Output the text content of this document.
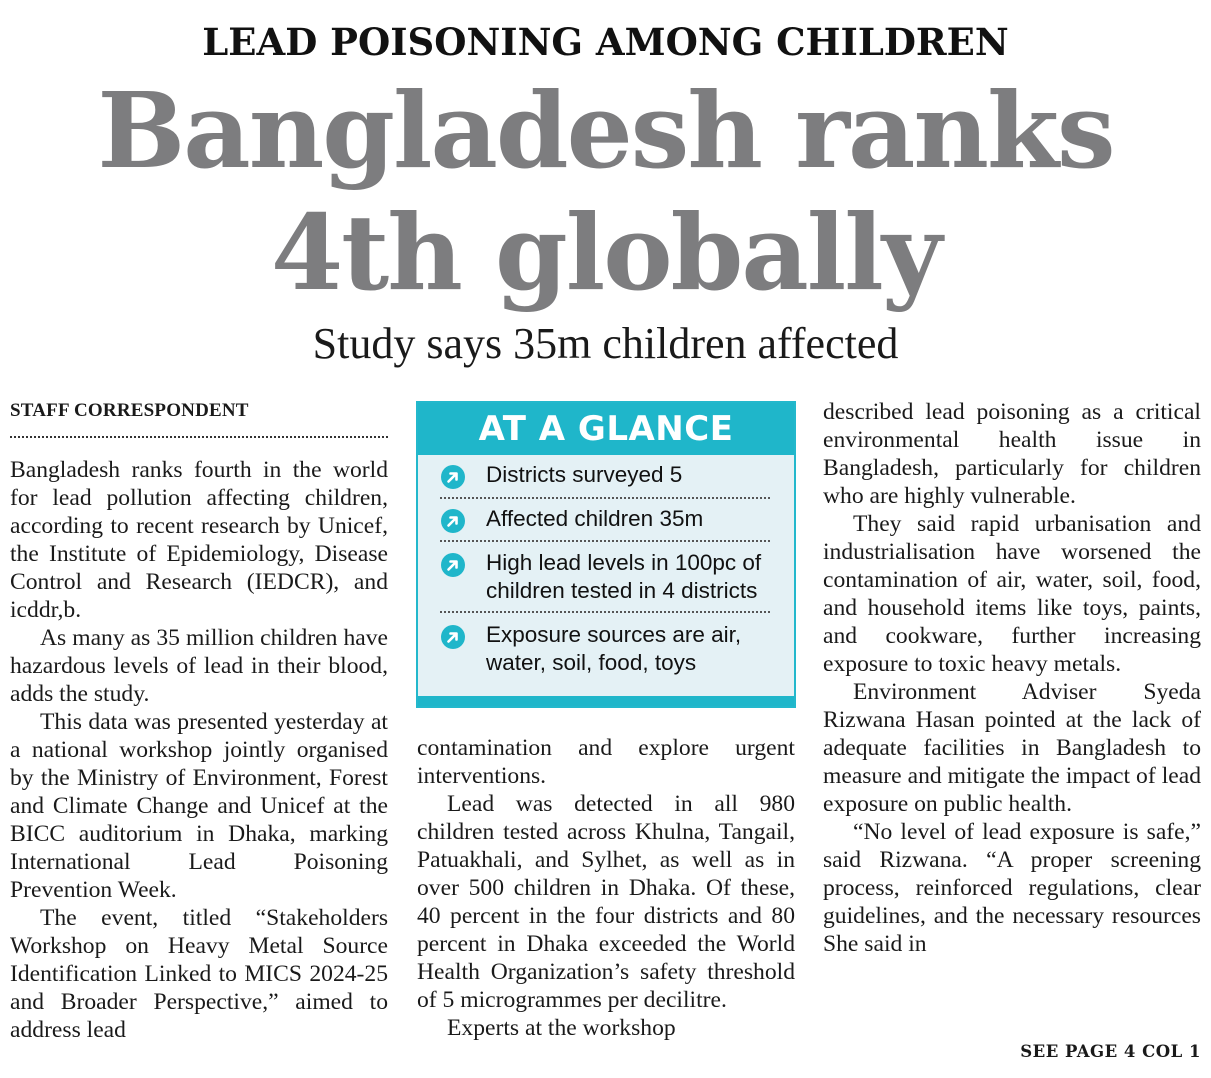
LEAD POISONING AMONG CHILDREN
Bangladesh ranks
4th globally
Study says 35m children affected
STAFF CORRESPONDENT

Bangladesh ranks fourth in the world for lead pollution affecting children, according to recent research by Unicef, the Institute of Epidemiology, Disease Control and Research (IEDCR), and icddr,b.

As many as 35 million children have hazardous levels of lead in their blood, adds the study.

This data was presented yesterday at a national workshop jointly organised by the Ministry of Environment, Forest and Climate Change and Unicef at the BICC auditorium in Dhaka, marking International Lead Poisoning Prevention Week.

The event, titled “Stakeholders Workshop on Heavy Metal Source Identification Linked to MICS 2024-25 and Broader Perspective,” aimed to address lead

AT A GLANCE
Districts surveyed 5
Affected children 35m
High lead levels in 100pc of children tested in 4 districts
Exposure sources are air, water, soil, food, toys

contamination and explore urgent interventions.

Lead was detected in all 980 children tested across Khulna, Tangail, Patuakhali, and Sylhet, as well as in over 500 children in Dhaka. Of these, 40 percent in the four districts and 80 percent in Dhaka exceeded the World Health Organization’s safety threshold of 5 microgrammes per decilitre.

Experts at the workshop

described lead poisoning as a critical environmental health issue in Bangladesh, particularly for children who are highly vulnerable.

They said rapid urbanisation and industrialisation have worsened the contamination of air, water, soil, food, and household items like toys, paints, and cookware, further increasing exposure to toxic heavy metals.

Environment Adviser Syeda Rizwana Hasan pointed at the lack of adequate facilities in Bangladesh to measure and mitigate the impact of lead exposure on public health.

“No level of lead exposure is safe,” said Rizwana. “A proper screening process, reinforced regulations, clear guidelines, and the necessary resources She said in

SEE PAGE 4 COL 1
